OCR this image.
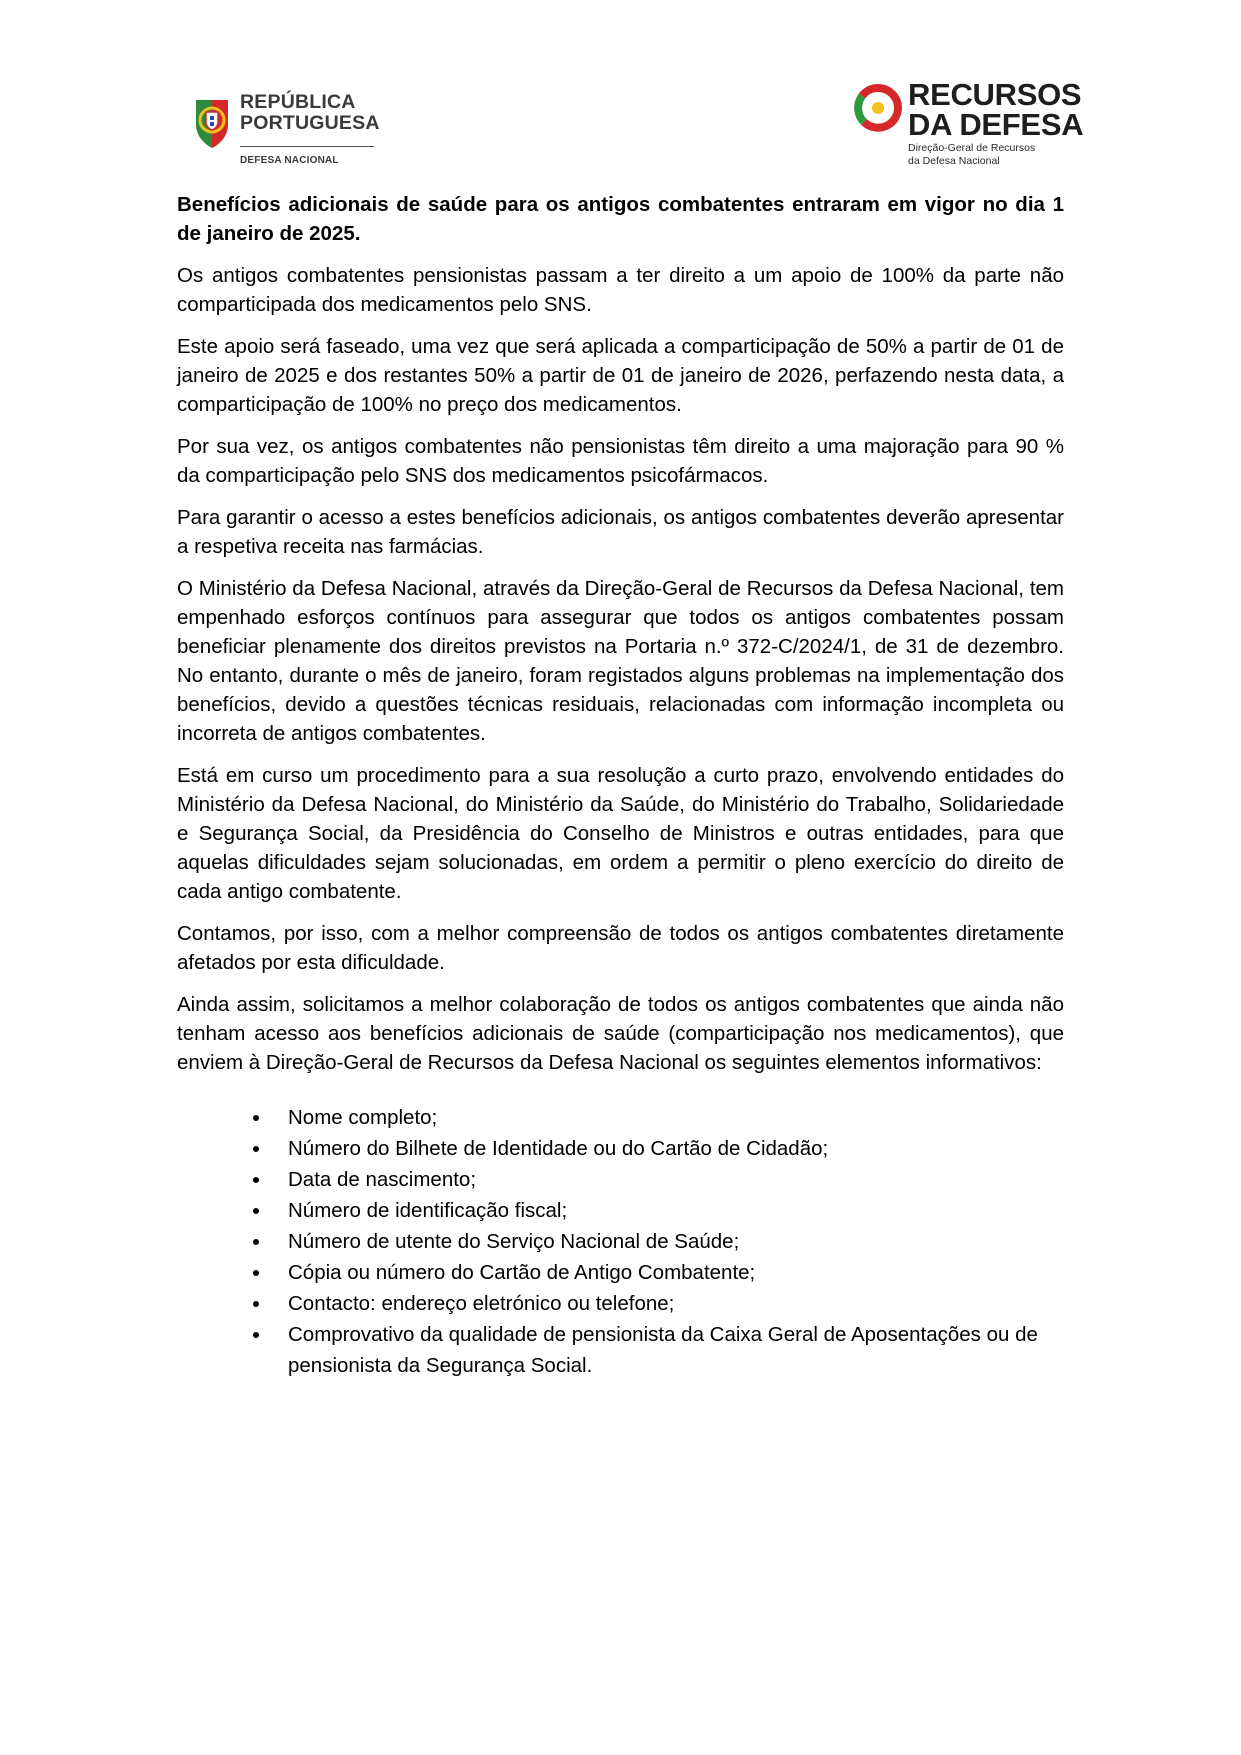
REPÚBLICA
PORTUGUESA
DEFESA NACIONAL
RECURSOS
DA DEFESA
Direção-Geral de Recursos
da Defesa Nacional

Benefícios adicionais de saúde para os antigos combatentes entraram em vigor no dia 1 de janeiro de 2025.

Os antigos combatentes pensionistas passam a ter direito a um apoio de 100% da parte não comparticipada dos medicamentos pelo SNS.

Este apoio será faseado, uma vez que será aplicada a comparticipação de 50% a partir de 01 de janeiro de 2025 e dos restantes 50% a partir de 01 de janeiro de 2026, perfazendo nesta data, a comparticipação de 100% no preço dos medicamentos.

Por sua vez, os antigos combatentes não pensionistas têm direito a uma majoração para 90 % da comparticipação pelo SNS dos medicamentos psicofármacos.

Para garantir o acesso a estes benefícios adicionais, os antigos combatentes deverão apresentar a respetiva receita nas farmácias.

O Ministério da Defesa Nacional, através da Direção-Geral de Recursos da Defesa Nacional, tem empenhado esforços contínuos para assegurar que todos os antigos combatentes possam beneficiar plenamente dos direitos previstos na Portaria n.º 372-C/2024/1, de 31 de dezembro. No entanto, durante o mês de janeiro, foram registados alguns problemas na implementação dos benefícios, devido a questões técnicas residuais, relacionadas com informação incompleta ou incorreta de antigos combatentes.

Está em curso um procedimento para a sua resolução a curto prazo, envolvendo entidades do Ministério da Defesa Nacional, do Ministério da Saúde, do Ministério do Trabalho, Solidariedade e Segurança Social, da Presidência do Conselho de Ministros e outras entidades, para que aquelas dificuldades sejam solucionadas, em ordem a permitir o pleno exercício do direito de cada antigo combatente.

Contamos, por isso, com a melhor compreensão de todos os antigos combatentes diretamente afetados por esta dificuldade.

Ainda assim, solicitamos a melhor colaboração de todos os antigos combatentes que ainda não tenham acesso aos benefícios adicionais de saúde (comparticipação nos medicamentos), que enviem à Direção-Geral de Recursos da Defesa Nacional os seguintes elementos informativos:

Nome completo;
Número do Bilhete de Identidade ou do Cartão de Cidadão;
Data de nascimento;
Número de identificação fiscal;
Número de utente do Serviço Nacional de Saúde;
Cópia ou número do Cartão de Antigo Combatente;
Contacto: endereço eletrónico ou telefone;
Comprovativo da qualidade de pensionista da Caixa Geral de Aposentações ou de pensionista da Segurança Social.
